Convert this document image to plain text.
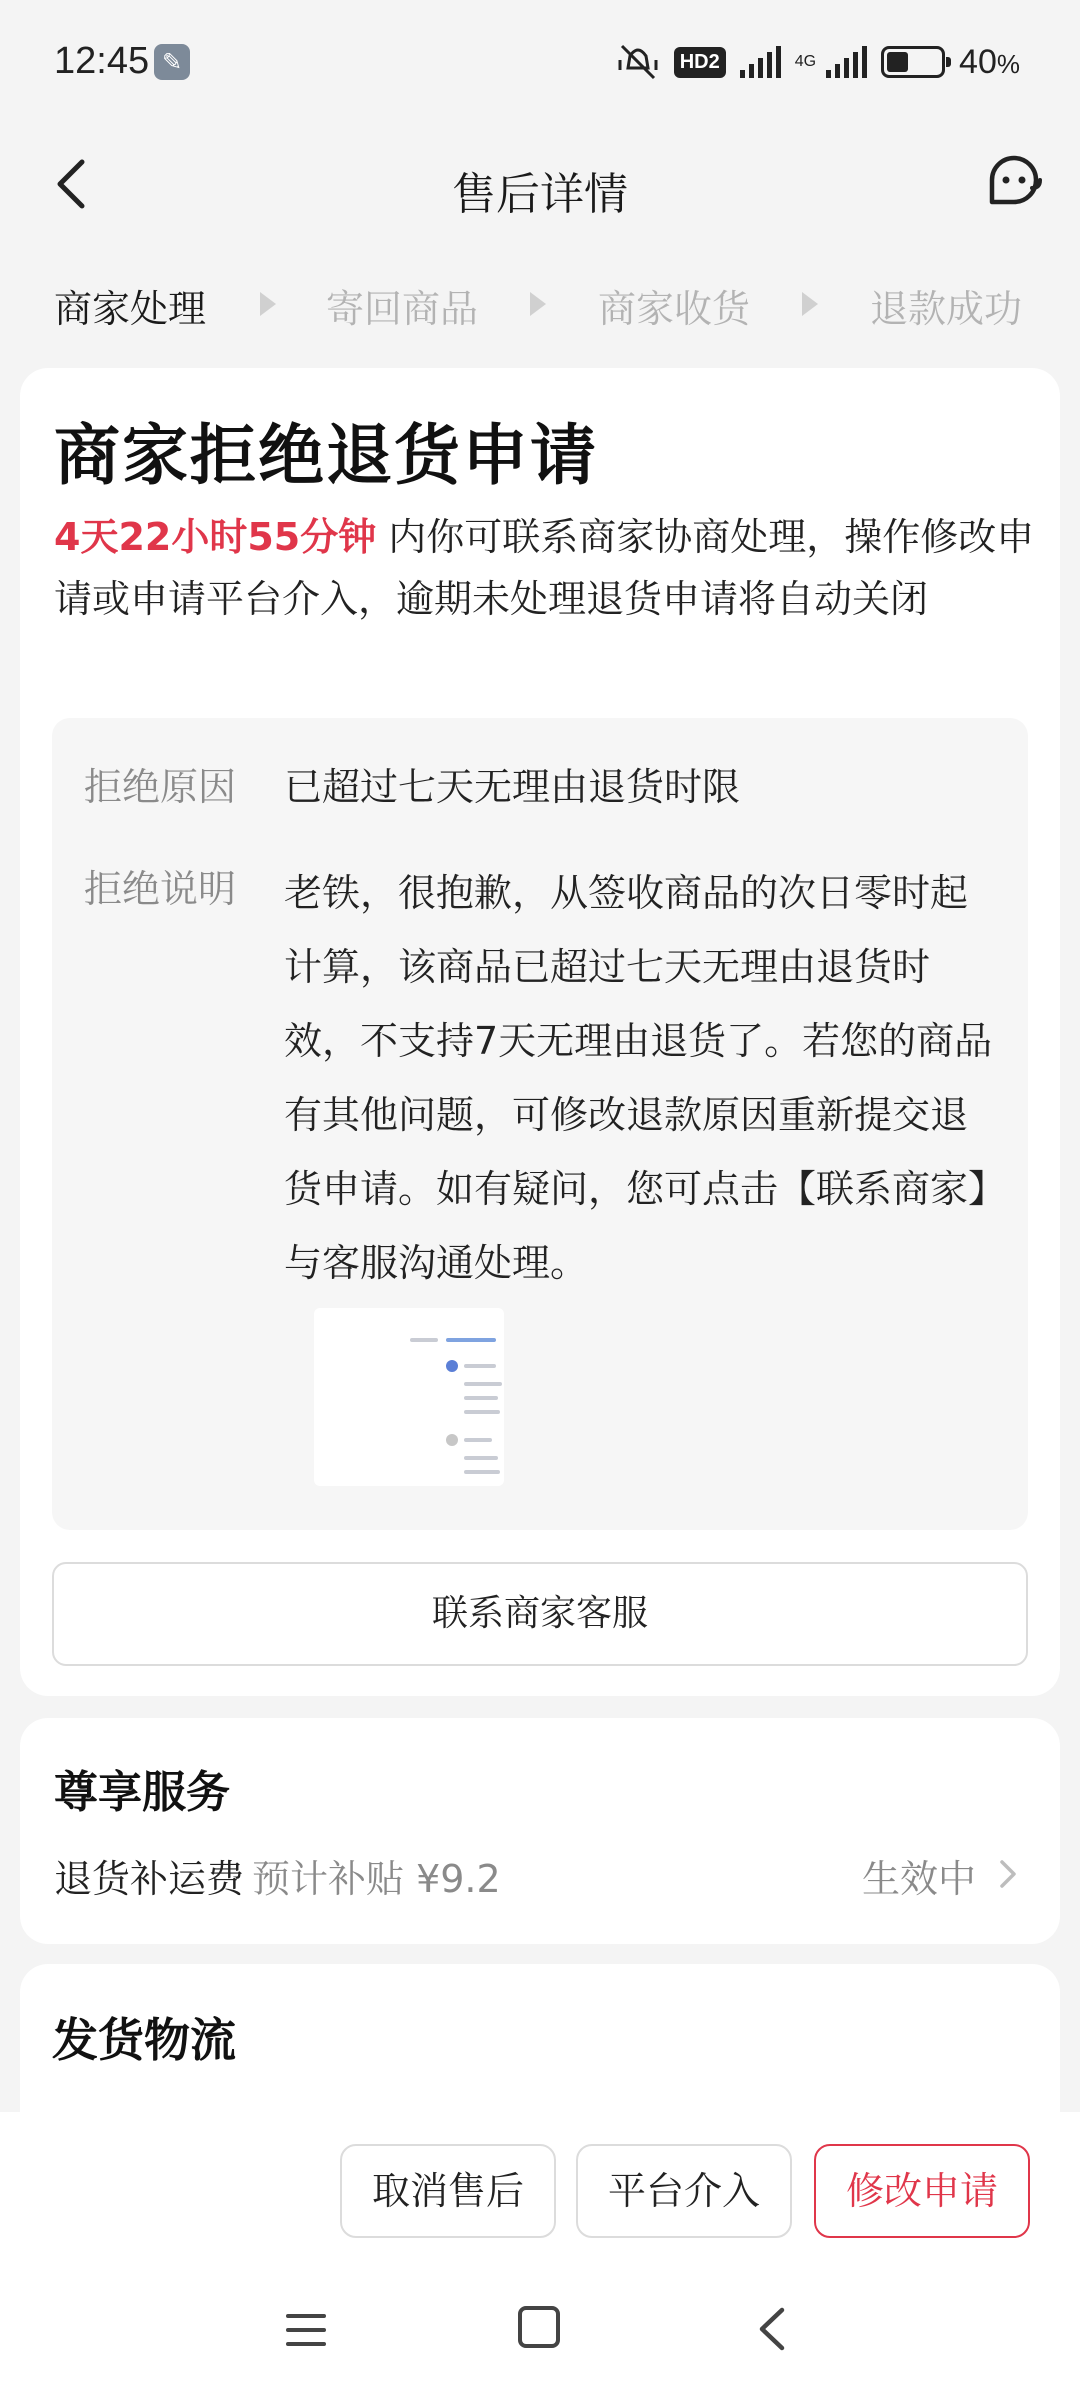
12:45 ✎	HD2	4G	40%
售后详情
商家处理	寄回商品	商家收货	退款成功
商家拒绝退货申请
4天22小时55分钟 内你可联系商家协商处理，操作修改申请或申请平台介入，逾期未处理退货申请将自动关闭
拒绝原因 已超过七天无理由退货时限
拒绝说明 老铁，很抱歉，从签收商品的次日零时起计算，该商品已超过七天无理由退货时效，不支持7天无理由退货了。若您的商品有其他问题，可修改退款原因重新提交退货申请。如有疑问，您可点击【联系商家】与客服沟通处理。
联系商家客服
尊享服务
退货补运费 预计补贴 ¥9.2	生效中
发货物流
取消售后	平台介入	修改申请
